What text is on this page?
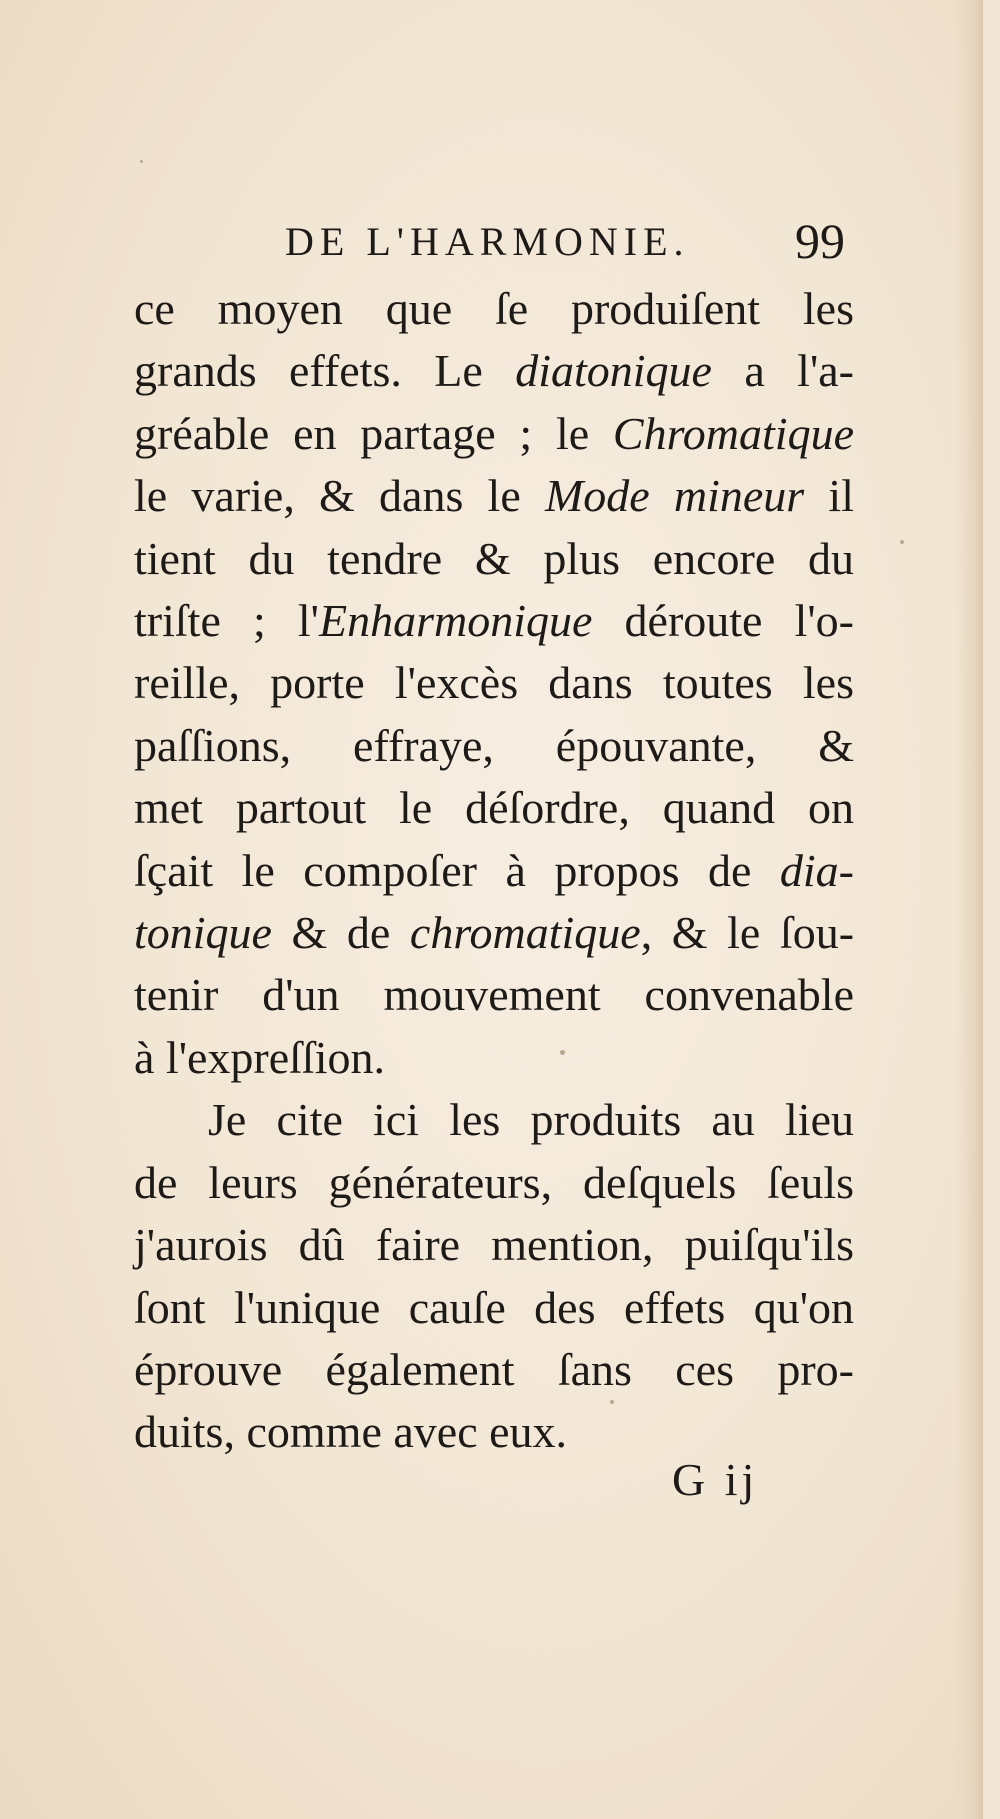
DE L'HARMONIE. 99
ce moyen que ſe produiſent les
grands effets. Le diatonique a l'a-
gréable en partage ; le Chromatique
le varie, & dans le Mode mineur il
tient du tendre & plus encore du
triſte ; l'Enharmonique déroute l'o-
reille, porte l'excès dans toutes les
paſſions, effraye, épouvante, &
met partout le déſordre, quand on
ſçait le compoſer à propos de dia-
tonique & de chromatique, & le ſou-
tenir d'un mouvement convenable
à l'expreſſion.
Je cite ici les produits au lieu
de leurs générateurs, deſquels ſeuls
j'aurois dû faire mention, puiſqu'ils
ſont l'unique cauſe des effets qu'on
éprouve également ſans ces pro-
duits, comme avec eux.
G ij
